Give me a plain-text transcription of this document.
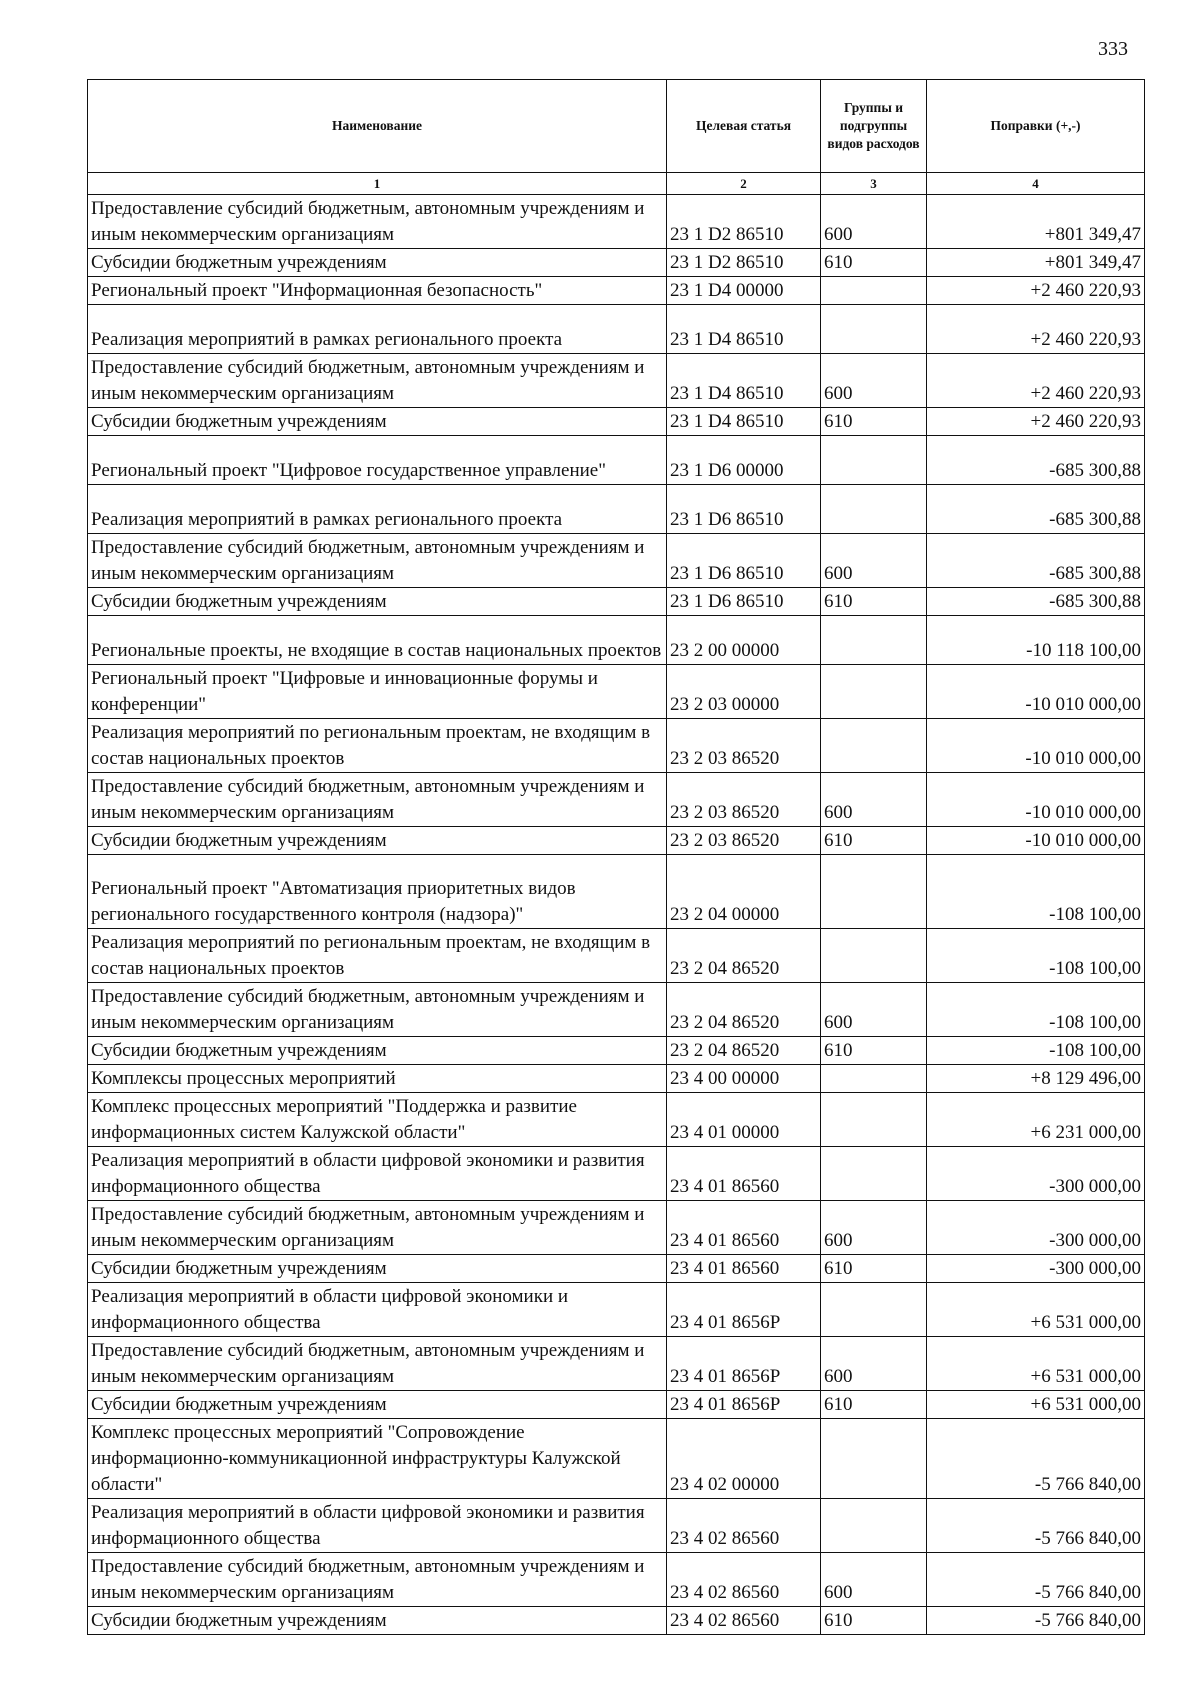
333
Наименование	Целевая статья	Группы и подгруппы видов расходов	Поправки (+,-)
1	2	3	4
Предоставление субсидий бюджетным, автономным учреждениям и иным некоммерческим организациям	23 1 D2 86510	600	+801 349,47
Субсидии бюджетным учреждениям	23 1 D2 86510	610	+801 349,47
Региональный проект "Информационная безопасность"	23 1 D4 00000		+2 460 220,93
Реализация мероприятий в рамках регионального проекта	23 1 D4 86510		+2 460 220,93
Предоставление субсидий бюджетным, автономным учреждениям и иным некоммерческим организациям	23 1 D4 86510	600	+2 460 220,93
Субсидии бюджетным учреждениям	23 1 D4 86510	610	+2 460 220,93
Региональный проект "Цифровое государственное управление"	23 1 D6 00000		-685 300,88
Реализация мероприятий в рамках регионального проекта	23 1 D6 86510		-685 300,88
Предоставление субсидий бюджетным, автономным учреждениям и иным некоммерческим организациям	23 1 D6 86510	600	-685 300,88
Субсидии бюджетным учреждениям	23 1 D6 86510	610	-685 300,88
Региональные проекты, не входящие в состав национальных проектов	23 2 00 00000		-10 118 100,00
Региональный проект "Цифровые и инновационные форумы и конференции"	23 2 03 00000		-10 010 000,00
Реализация мероприятий по региональным проектам, не входящим в состав национальных проектов	23 2 03 86520		-10 010 000,00
Предоставление субсидий бюджетным, автономным учреждениям и иным некоммерческим организациям	23 2 03 86520	600	-10 010 000,00
Субсидии бюджетным учреждениям	23 2 03 86520	610	-10 010 000,00
Региональный проект "Автоматизация приоритетных видов регионального государственного контроля (надзора)"	23 2 04 00000		-108 100,00
Реализация мероприятий по региональным проектам, не входящим в состав национальных проектов	23 2 04 86520		-108 100,00
Предоставление субсидий бюджетным, автономным учреждениям и иным некоммерческим организациям	23 2 04 86520	600	-108 100,00
Субсидии бюджетным учреждениям	23 2 04 86520	610	-108 100,00
Комплексы процессных мероприятий	23 4 00 00000		+8 129 496,00
Комплекс процессных мероприятий "Поддержка и развитие информационных систем Калужской области"	23 4 01 00000		+6 231 000,00
Реализация мероприятий в области цифровой экономики и развития информационного общества	23 4 01 86560		-300 000,00
Предоставление субсидий бюджетным, автономным учреждениям и иным некоммерческим организациям	23 4 01 86560	600	-300 000,00
Субсидии бюджетным учреждениям	23 4 01 86560	610	-300 000,00
Реализация мероприятий в области цифровой экономики и информационного общества	23 4 01 8656P		+6 531 000,00
Предоставление субсидий бюджетным, автономным учреждениям и иным некоммерческим организациям	23 4 01 8656P	600	+6 531 000,00
Субсидии бюджетным учреждениям	23 4 01 8656P	610	+6 531 000,00
Комплекс процессных мероприятий "Сопровождение информационно-коммуникационной инфраструктуры Калужской области"	23 4 02 00000		-5 766 840,00
Реализация мероприятий в области цифровой экономики и развития информационного общества	23 4 02 86560		-5 766 840,00
Предоставление субсидий бюджетным, автономным учреждениям и иным некоммерческим организациям	23 4 02 86560	600	-5 766 840,00
Субсидии бюджетным учреждениям	23 4 02 86560	610	-5 766 840,00
